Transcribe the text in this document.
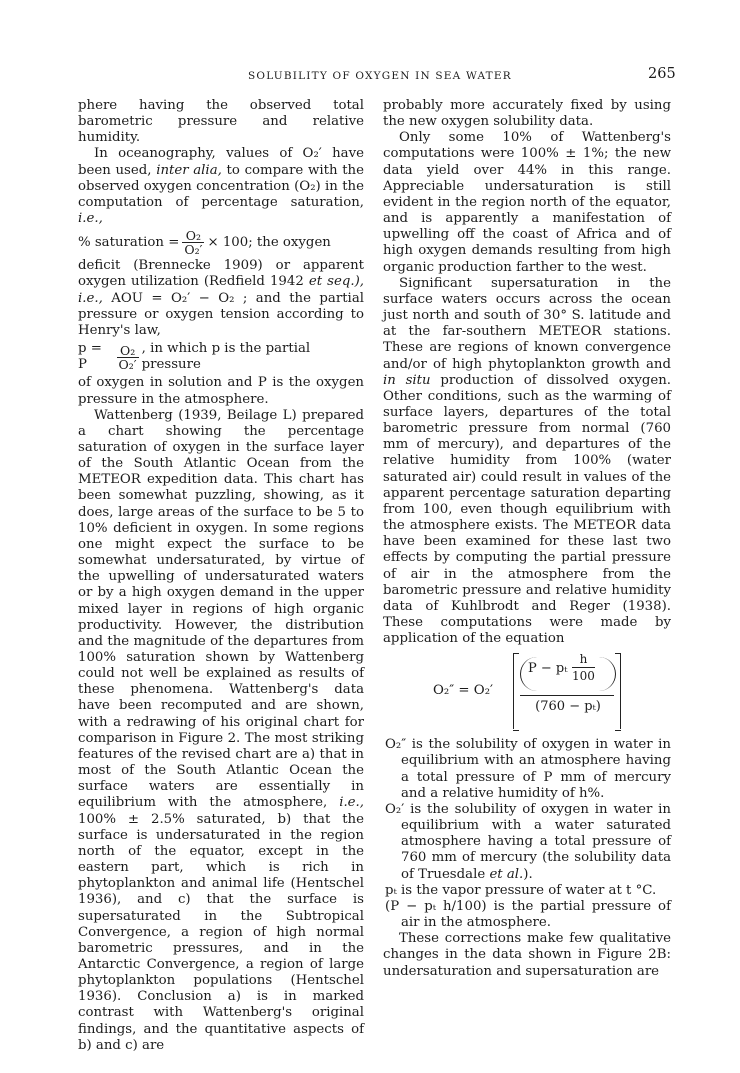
SOLUBILITY OF OXYGEN IN SEA WATER	265

phere having the observed total barometric pressure and relative humidity.

In oceanography, values of O₂′ have been used, inter alia, to compare with the observed oxygen concentration (O₂) in the computation of percentage saturation, i.e.,

% saturation = $\frac{\text{O₂}}{\text{O₂′}} \times 100$; the oxygen

deficit (Brennecke 1909) or apparent oxygen utilization (Redfield 1942 et seq.), i.e., AOU = O₂′ − O₂ ; and the partial pressure or oxygen tension according to Henry's law,

p = P	$\frac{\text{O₂}}{\text{O₂′}}$ , in which p is the partial pressure

of oxygen in solution and P is the oxygen pressure in the atmosphere.

Wattenberg (1939, Beilage L) prepared a chart showing the percentage saturation of oxygen in the surface layer of the South Atlantic Ocean from the METEOR expedition data. This chart has been somewhat puzzling, showing, as it does, large areas of the surface to be 5 to 10% deficient in oxygen. In some regions one might expect the surface to be somewhat undersaturated, by virtue of the upwelling of undersaturated waters or by a high oxygen demand in the upper mixed layer in regions of high organic productivity. However, the distribution and the magnitude of the departures from 100% saturation shown by Wattenberg could not well be explained as results of these phenomena. Wattenberg's data have been recomputed and are shown, with a redrawing of his original chart for comparison in Figure 2. The most striking features of the revised chart are a) that in most of the South Atlantic Ocean the surface waters are essentially in equilibrium with the atmosphere, i.e., 100% ± 2.5% saturated, b) that the surface is undersaturated in the region north of the equator, except in the eastern part, which is rich in phytoplankton and animal life (Hentschel 1936), and c) that the surface is supersaturated in the Subtropical Convergence, a region of high normal barometric pressures, and in the Antarctic Convergence, a region of large phytoplankton populations (Hentschel 1936). Conclusion a) is in marked contrast with Wattenberg's original findings, and the quantitative aspects of b) and c) are

probably more accurately fixed by using the new oxygen solubility data.

Only some 10% of Wattenberg's computations were 100% ± 1%; the new data yield over 44% in this range. Appreciable undersaturation is still evident in the region north of the equator, and is apparently a manifestation of upwelling off the coast of Africa and of high oxygen demands resulting from high organic production farther to the west.

Significant supersaturation in the surface waters occurs across the ocean just north and south of 30° S. latitude and at the far-southern METEOR stations. These are regions of known convergence and/or of high phytoplankton growth and in situ production of dissolved oxygen. Other conditions, such as the warming of surface layers, departures of the total barometric pressure from normal (760 mm of mercury), and departures of the relative humidity from 100% (water saturated air) could result in values of the apparent percentage saturation departing from 100, even though equilibrium with the atmosphere exists. The METEOR data have been examined for these last two effects by computing the partial pressure of air in the atmosphere from the barometric pressure and relative humidity data of Kuhlbrodt and Reger (1938). These computations were made by application of the equation

O₂″ = O₂′
P − pₜ $\frac{h}{100}$
(760 − pₜ)

O₂″ is the solubility of oxygen in water in equilibrium with an atmosphere having a total pressure of P mm of mercury and a relative humidity of h%.

O₂′ is the solubility of oxygen in water in equilibrium with a water saturated atmosphere having a total pressure of 760 mm of mercury (the solubility data of Truesdale et al.).

pₜ is the vapor pressure of water at t °C.

(P − pₜ h/100) is the partial pressure of air in the atmosphere.

These corrections make few qualitative changes in the data shown in Figure 2B: undersaturation and supersaturation are
